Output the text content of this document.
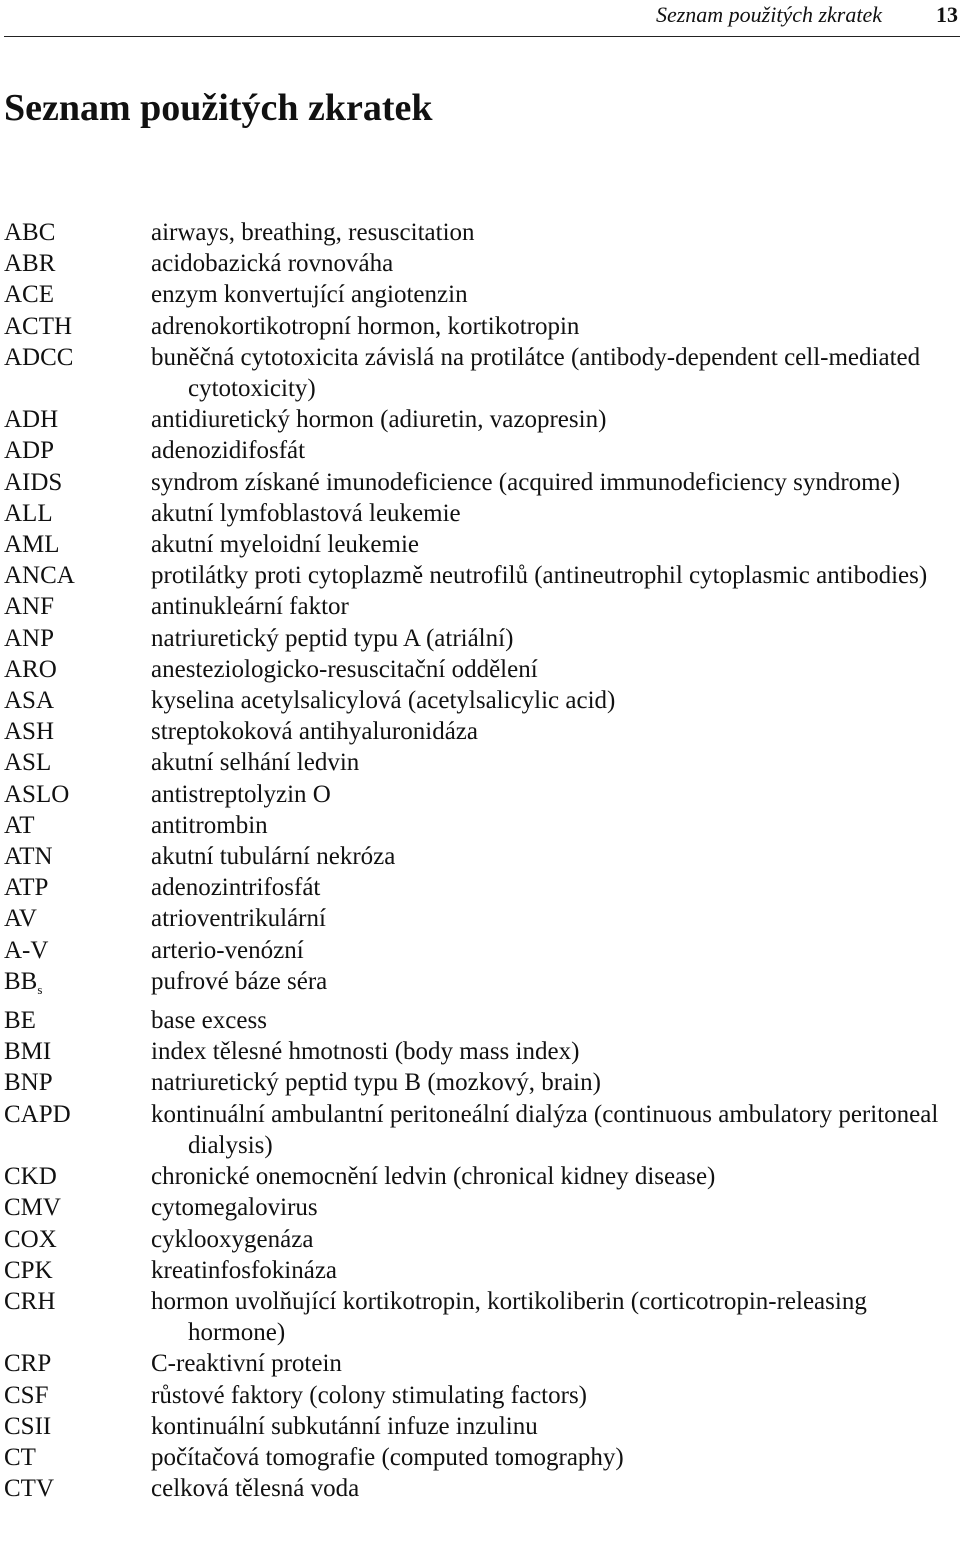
Seznam použitých zkratek 13
Seznam použitých zkratek
ABC	airways, breathing, resuscitation
ABR	acidobazická rovnováha
ACE	enzym konvertující angiotenzin
ACTH	adrenokortikotropní hormon, kortikotropin
ADCC	buněčná cytotoxicita závislá na protilátce (antibody-dependent cell-mediated cytotoxicity)
ADH	antidiuretický hormon (adiuretin, vazopresin)
ADP	adenozidifosfát
AIDS	syndrom získané imunodeficience (acquired immunodeficiency syndrome)
ALL	akutní lymfoblastová leukemie
AML	akutní myeloidní leukemie
ANCA	protilátky proti cytoplazmě neutrofilů (antineutrophil cytoplasmic antibodies)
ANF	antinukleární faktor
ANP	natriuretický peptid typu A (atriální)
ARO	anesteziologicko-resuscitační oddělení
ASA	kyselina acetylsalicylová (acetylsalicylic acid)
ASH	streptokoková antihyaluronidáza
ASL	akutní selhání ledvin
ASLO	antistreptolyzin O
AT	antitrombin
ATN	akutní tubulární nekróza
ATP	adenozintrifosfát
AV	atrioventrikulární
A-V	arterio-venózní
$BB_s$	pufrové báze séra
BE	base excess
BMI	index tělesné hmotnosti (body mass index)
BNP	natriuretický peptid typu B (mozkový, brain)
CAPD	kontinuální ambulantní peritoneální dialýza (continuous ambulatory peritoneal dialysis)
CKD	chronické onemocnění ledvin (chronical kidney disease)
CMV	cytomegalovirus
COX	cyklooxygenáza
CPK	kreatinfosfokináza
CRH	hormon uvolňující kortikotropin, kortikoliberin (corticotropin-releasing hormone)
CRP	C-reaktivní protein
CSF	růstové faktory (colony stimulating factors)
CSII	kontinuální subkutánní infuze inzulinu
CT	počítačová tomografie (computed tomography)
CTV	celková tělesná voda
